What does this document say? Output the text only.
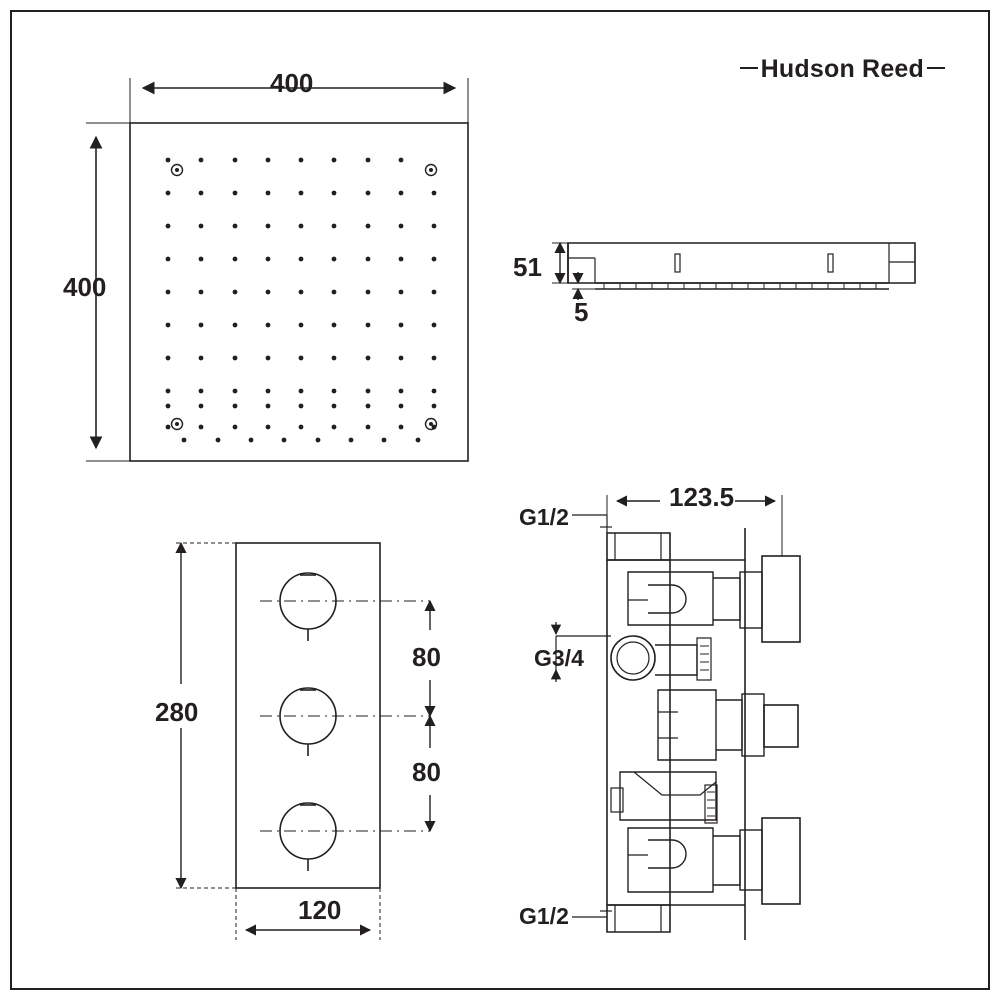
Hudson Reed
400
400
51
5
280
120
80
80
123.5
G1/2
G3/4
G1/2
